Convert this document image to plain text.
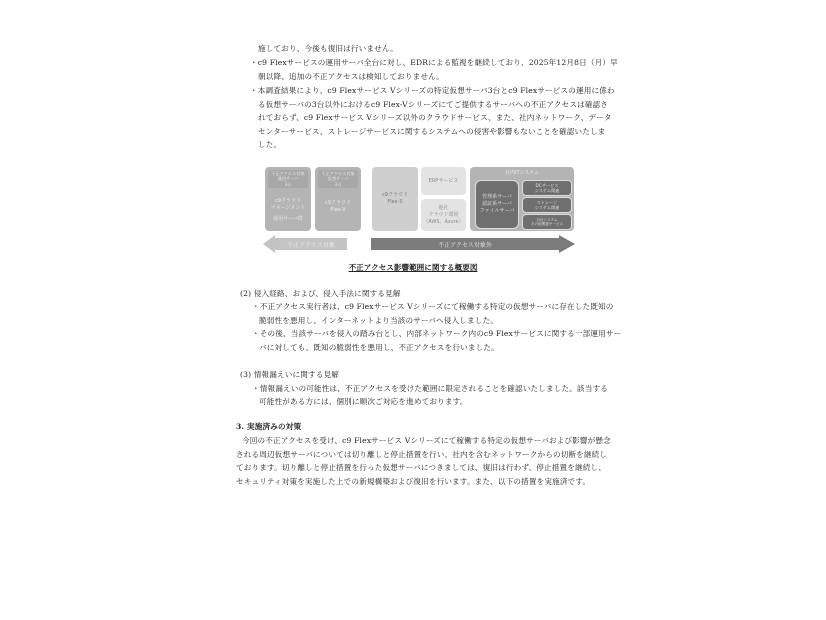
施しており、今後も復旧は行いません。
・c9 Flexサービスの運用サーバ全台に対し、EDRによる監視を継続しており、2025年12月8日（月）早
朝以降、追加の不正アクセスは検知しておりません。
・本調査結果により、c9 Flexサービス Vシリーズの特定仮想サーバ3台とc9 Flexサービスの運用に係わ
る仮想サーバの3台以外におけるc9 Flex-Vシリーズにてご提供するサーバへの不正アクセスは確認さ
れておらず、c9 Flexサービス Vシリーズ以外のクラウドサービス、また、社内ネットワーク、データ
センターサービス、ストレージサービスに関するシステムへの侵害や影響もないことを確認いたしま
した。
不正アクセス対象
運用サーバ
3台
c9クラウド
マネージメント
運用サーバ群
不正アクセス対象
仮想サーバ
3台
c9クラウド
Flex-V
c9クラウド
Flex-S
ERPサービス
他社
クラウド環境
（AWS、Azure）
社内ITシステム
管理系サーバ
認証系サーバ
ファイルサーバ
DCサービス
システム関連
ストレージ
システム関連
自社システム
その他関連サービス
不正アクセス対象	不正アクセス対象外
不正アクセス影響範囲に関する概要図
(2) 侵入経路、および、侵入手法に関する見解
・不正アクセス実行者は、c9 Flexサービス Vシリーズにて稼働する特定の仮想サーバに存在した既知の
脆弱性を悪用し、インターネットより当該のサーバへ侵入しました。
・その後、当該サーバを侵入の踏み台とし、内部ネットワーク内のc9 Flexサービスに関する一部運用サー
バに対しても、既知の脆弱性を悪用し、不正アクセスを行いました。
(3) 情報漏えいに関する見解
・情報漏えいの可能性は、不正アクセスを受けた範囲に限定されることを確認いたしました。該当する
可能性がある方には、個別に順次ご対応を進めております。
3. 実施済みの対策
今回の不正アクセスを受け、c9 Flexサービス Vシリーズにて稼働する特定の仮想サーバおよび影響が懸念
される周辺仮想サーバについては切り離しと停止措置を行い、社内を含むネットワークからの切断を継続し
ております。切り離しと停止措置を行った仮想サーバにつきましては、復旧は行わず、停止措置を継続し、
セキュリティ対策を実施した上での新規構築および復旧を行います。また、以下の措置を実施済です。
